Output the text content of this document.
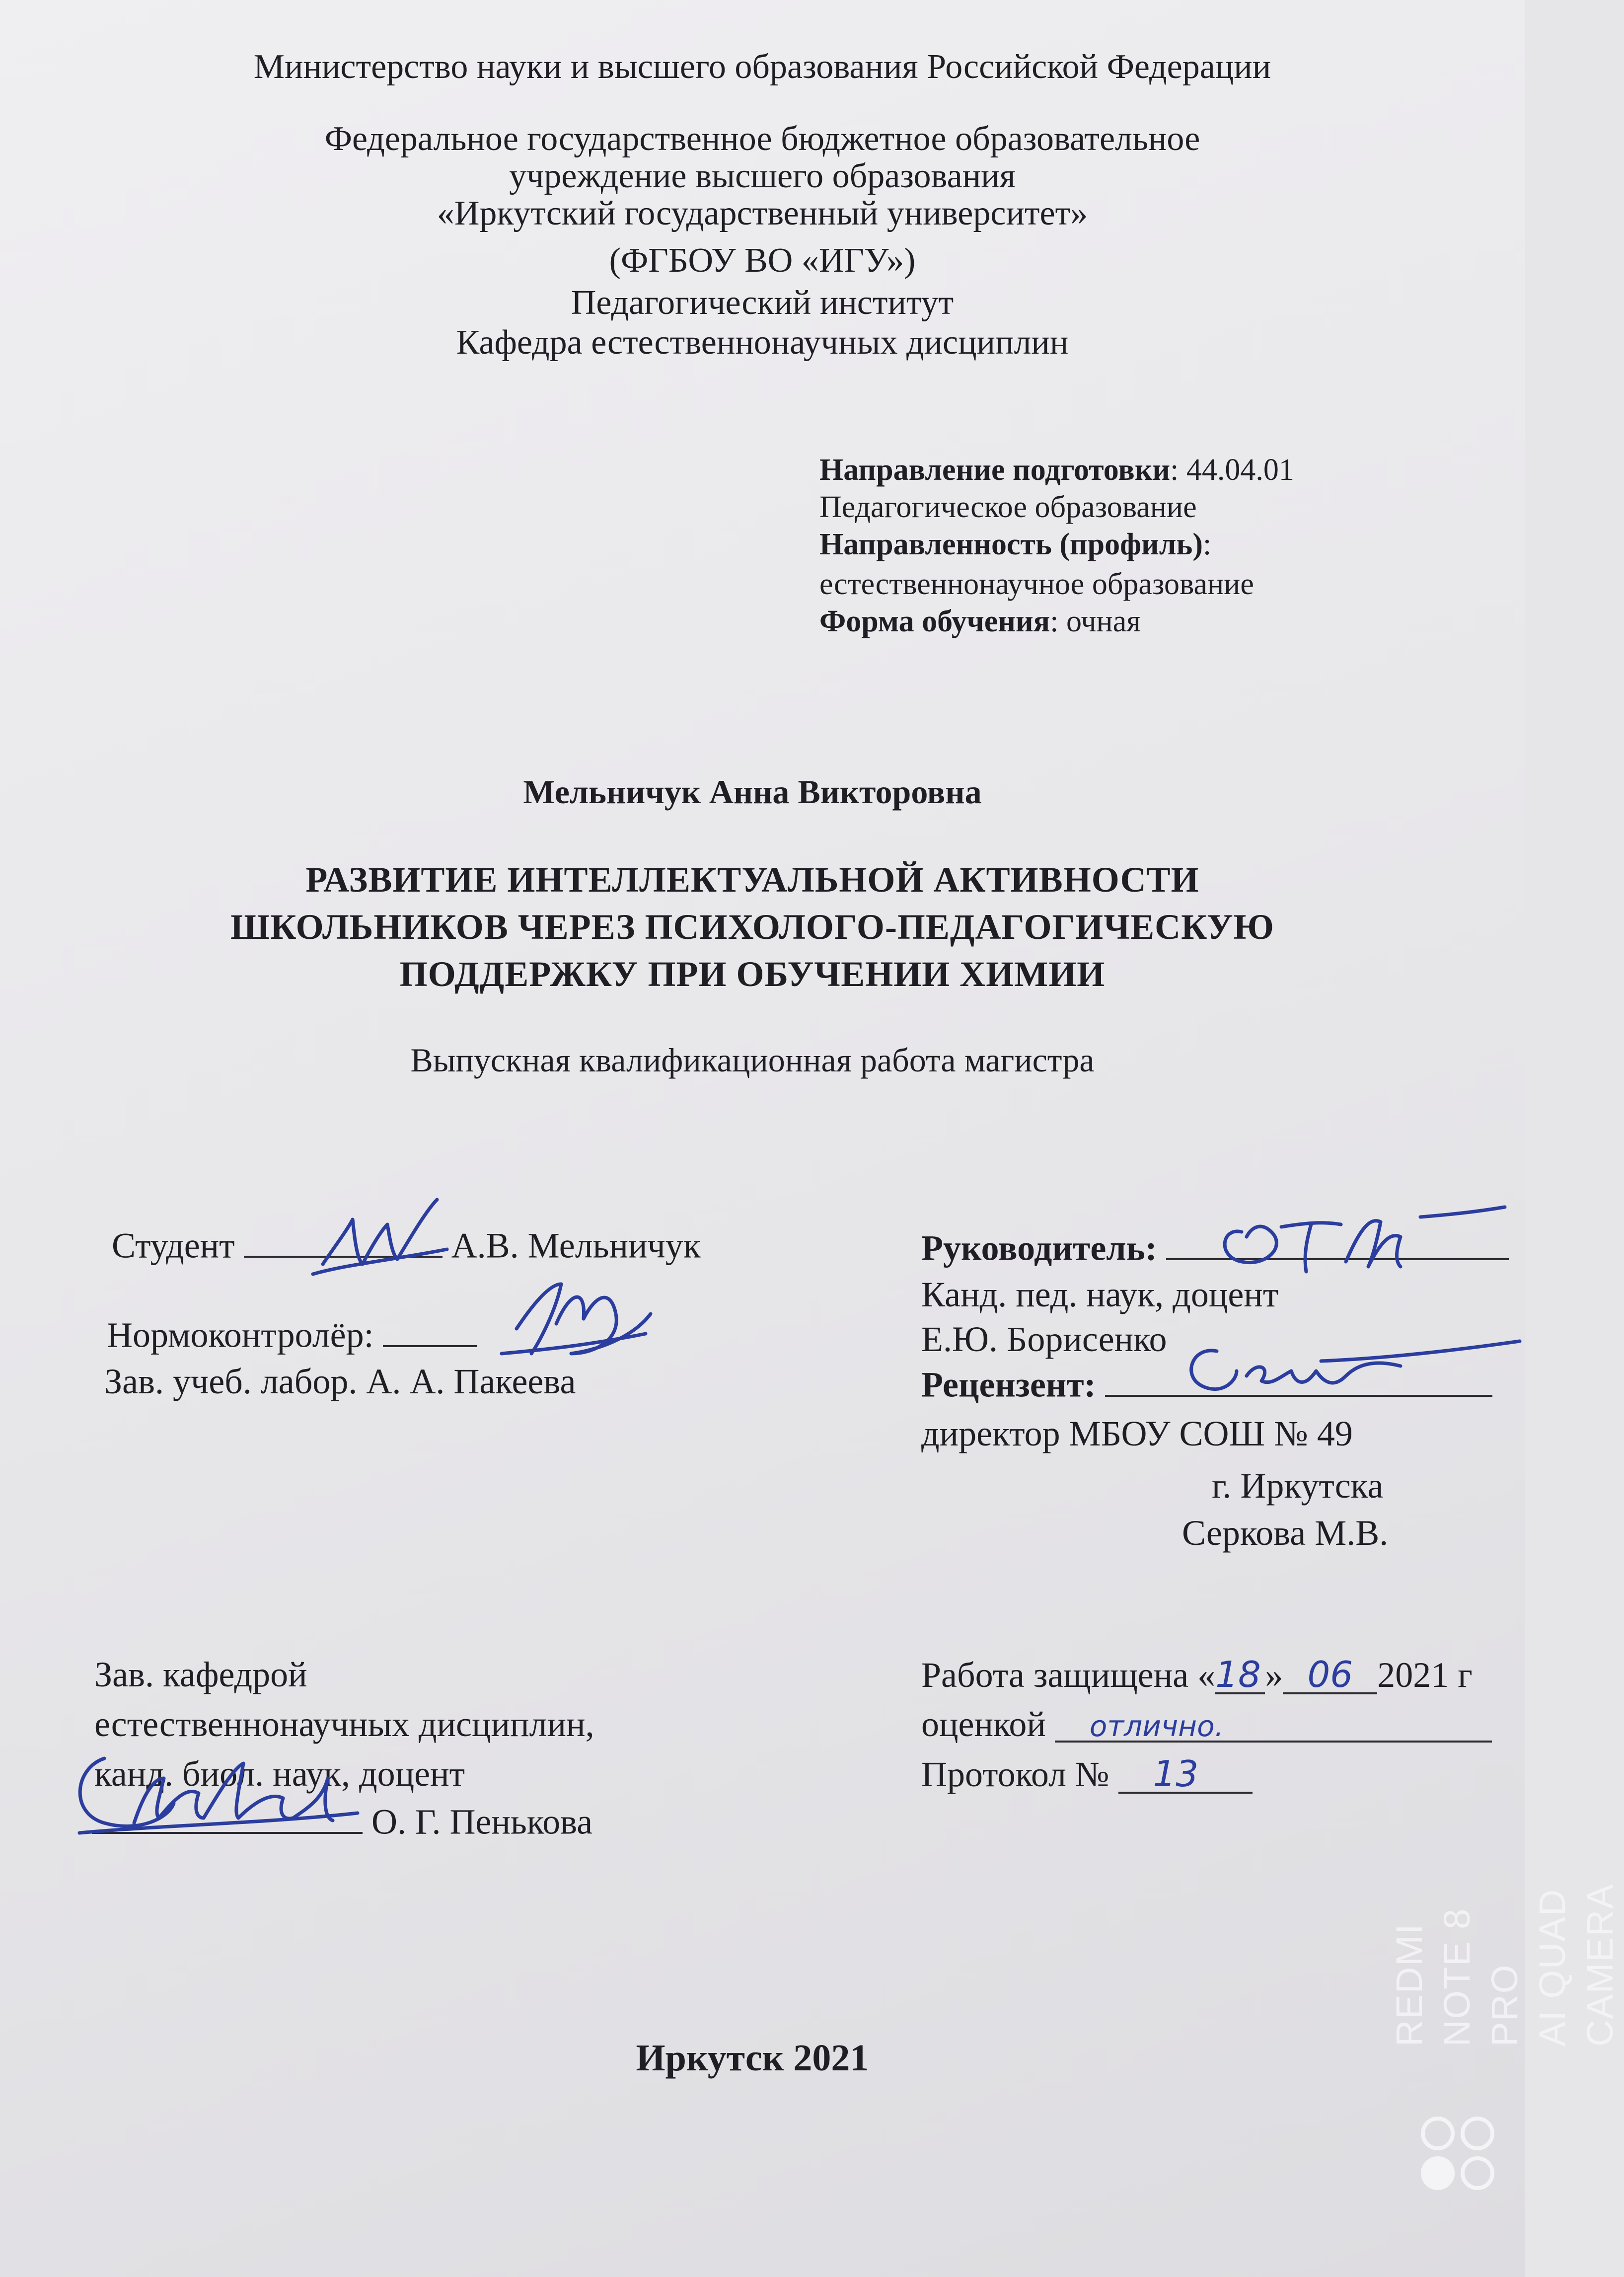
Министерство науки и высшего образования Российской Федерации
Федеральное государственное бюджетное образовательное
учреждение высшего образования
«Иркутский государственный университет»
(ФГБОУ ВО «ИГУ»)
Педагогический институт
Кафедра естественнонаучных дисциплин
Направление подготовки: 44.04.01
Педагогическое образование
Направленность (профиль):
естественнонаучное образование
Форма обучения: очная
Мельничук Анна Викторовна
РАЗВИТИЕ ИНТЕЛЛЕКТУАЛЬНОЙ АКТИВНОСТИ
ШКОЛЬНИКОВ ЧЕРЕЗ ПСИХОЛОГО-ПЕДАГОГИЧЕСКУЮ
ПОДДЕРЖКУ ПРИ ОБУЧЕНИИ ХИМИИ
Выпускная квалификационная работа магистра
Студент	А.В. Мельничук
Нормоконтролёр:
Зав. учеб. лабор. А. А. Пакеева
Руководитель:
Канд. пед. наук, доцент
Е.Ю. Борисенко
Рецензент:
директор МБОУ СОШ № 49
г. Иркутска
Серкова М.В.
Зав. кафедрой
естественнонаучных дисциплин,
канд. биол. наук, доцент
О. Г. Пенькова
Работа защищена «18 » 06 2021 г
оценкой отлично.
Протокол № 13
Иркутск 2021
REDMI NOTE 8 PRO AI QUAD CAMERA
